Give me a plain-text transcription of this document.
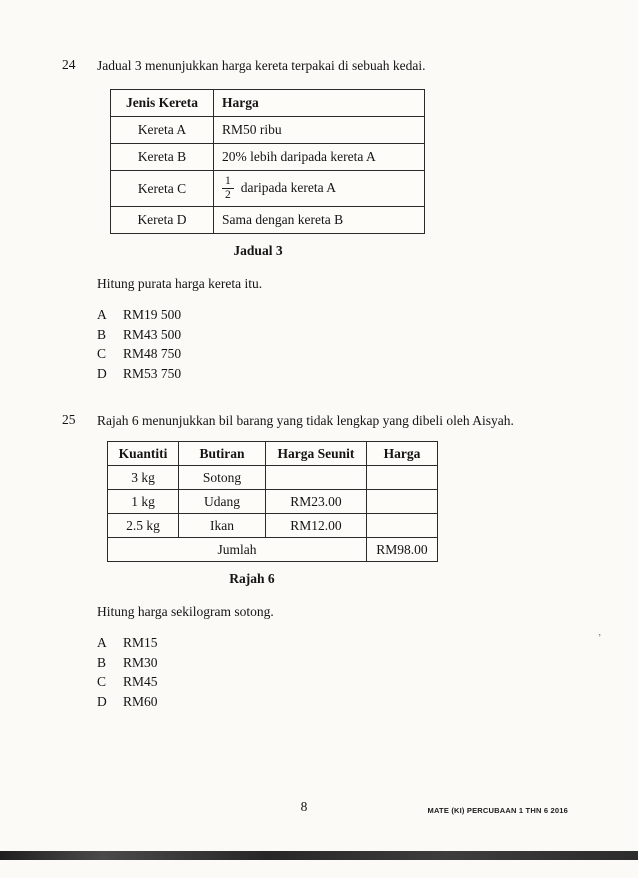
24	Jadual 3 menunjukkan harga kereta terpakai di sebuah kedai.

Jenis Kereta	Harga
Kereta A	RM50 ribu
Kereta B	20% lebih daripada kereta A
Kereta C	$\frac{1}{2}$ daripada kereta A
Kereta D	Sama dengan kereta B
Jadual 3

Hitung purata harga kereta itu.

A	RM19 500
B	RM43 500
C	RM48 750
D	RM53 750
25	Rajah 6 menunjukkan bil barang yang tidak lengkap yang dibeli oleh Aisyah.

Kuantiti	Butiran	Harga Seunit	Harga
3 kg	Sotong		
1 kg	Udang	RM23.00	
2.5 kg	Ikan	RM12.00	
Jumlah			RM98.00
Rajah 6

Hitung harga sekilogram sotong.

A	RM15
B	RM30
C	RM45
D	RM60
8	MATE (KI) PERCUBAAN 1 THN 6 2016
’
